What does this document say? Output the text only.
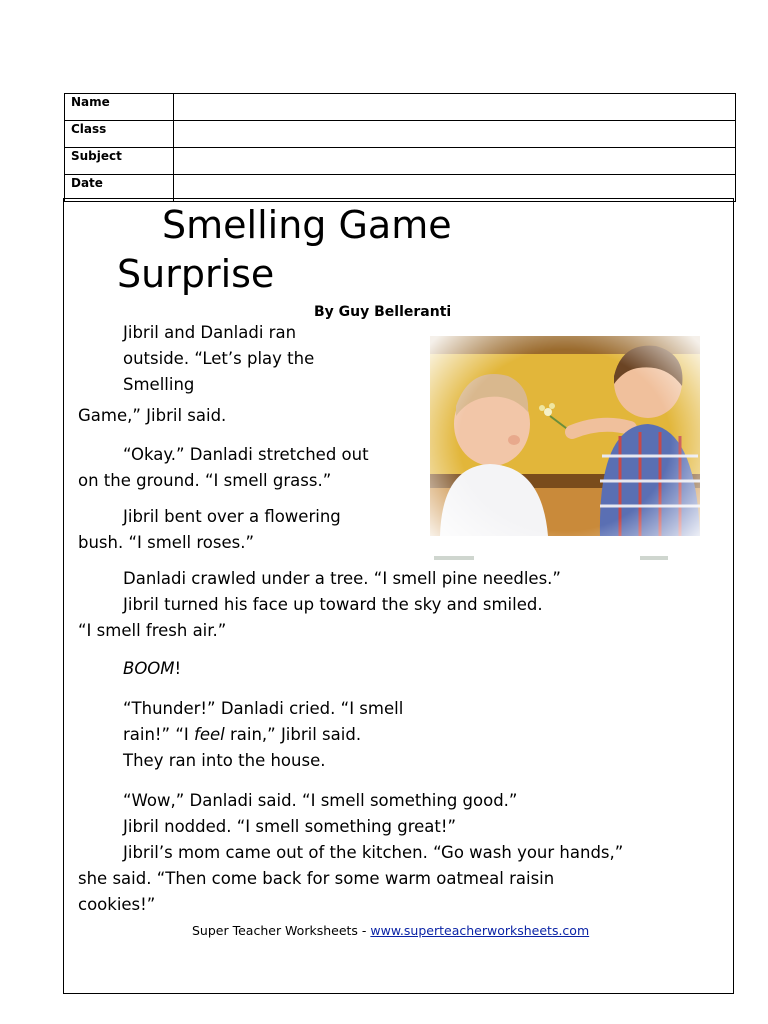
Name	
Class	
Subject	
Date	
Smelling Game
Surprise
By Guy Belleranti
Jibril and Danladi ran
outside. “Let’s play the
Smelling
Game,” Jibril said.
“Okay.” Danladi stretched out
on the ground. “I smell grass.”
Jibril bent over a flowering
bush. “I smell roses.”
Danladi crawled under a tree. “I smell pine needles.”
Jibril turned his face up toward the sky and smiled.
“I smell fresh air.”
BOOM!
“Thunder!” Danladi cried. “I smell
rain!” “I feel rain,” Jibril said.
They ran into the house.
“Wow,” Danladi said. “I smell something good.”
Jibril nodded. “I smell something great!”
Jibril’s mom came out of the kitchen. “Go wash your hands,”
she said. “Then come back for some warm oatmeal raisin
cookies!”
Super Teacher Worksheets - www.superteacherworksheets.com
